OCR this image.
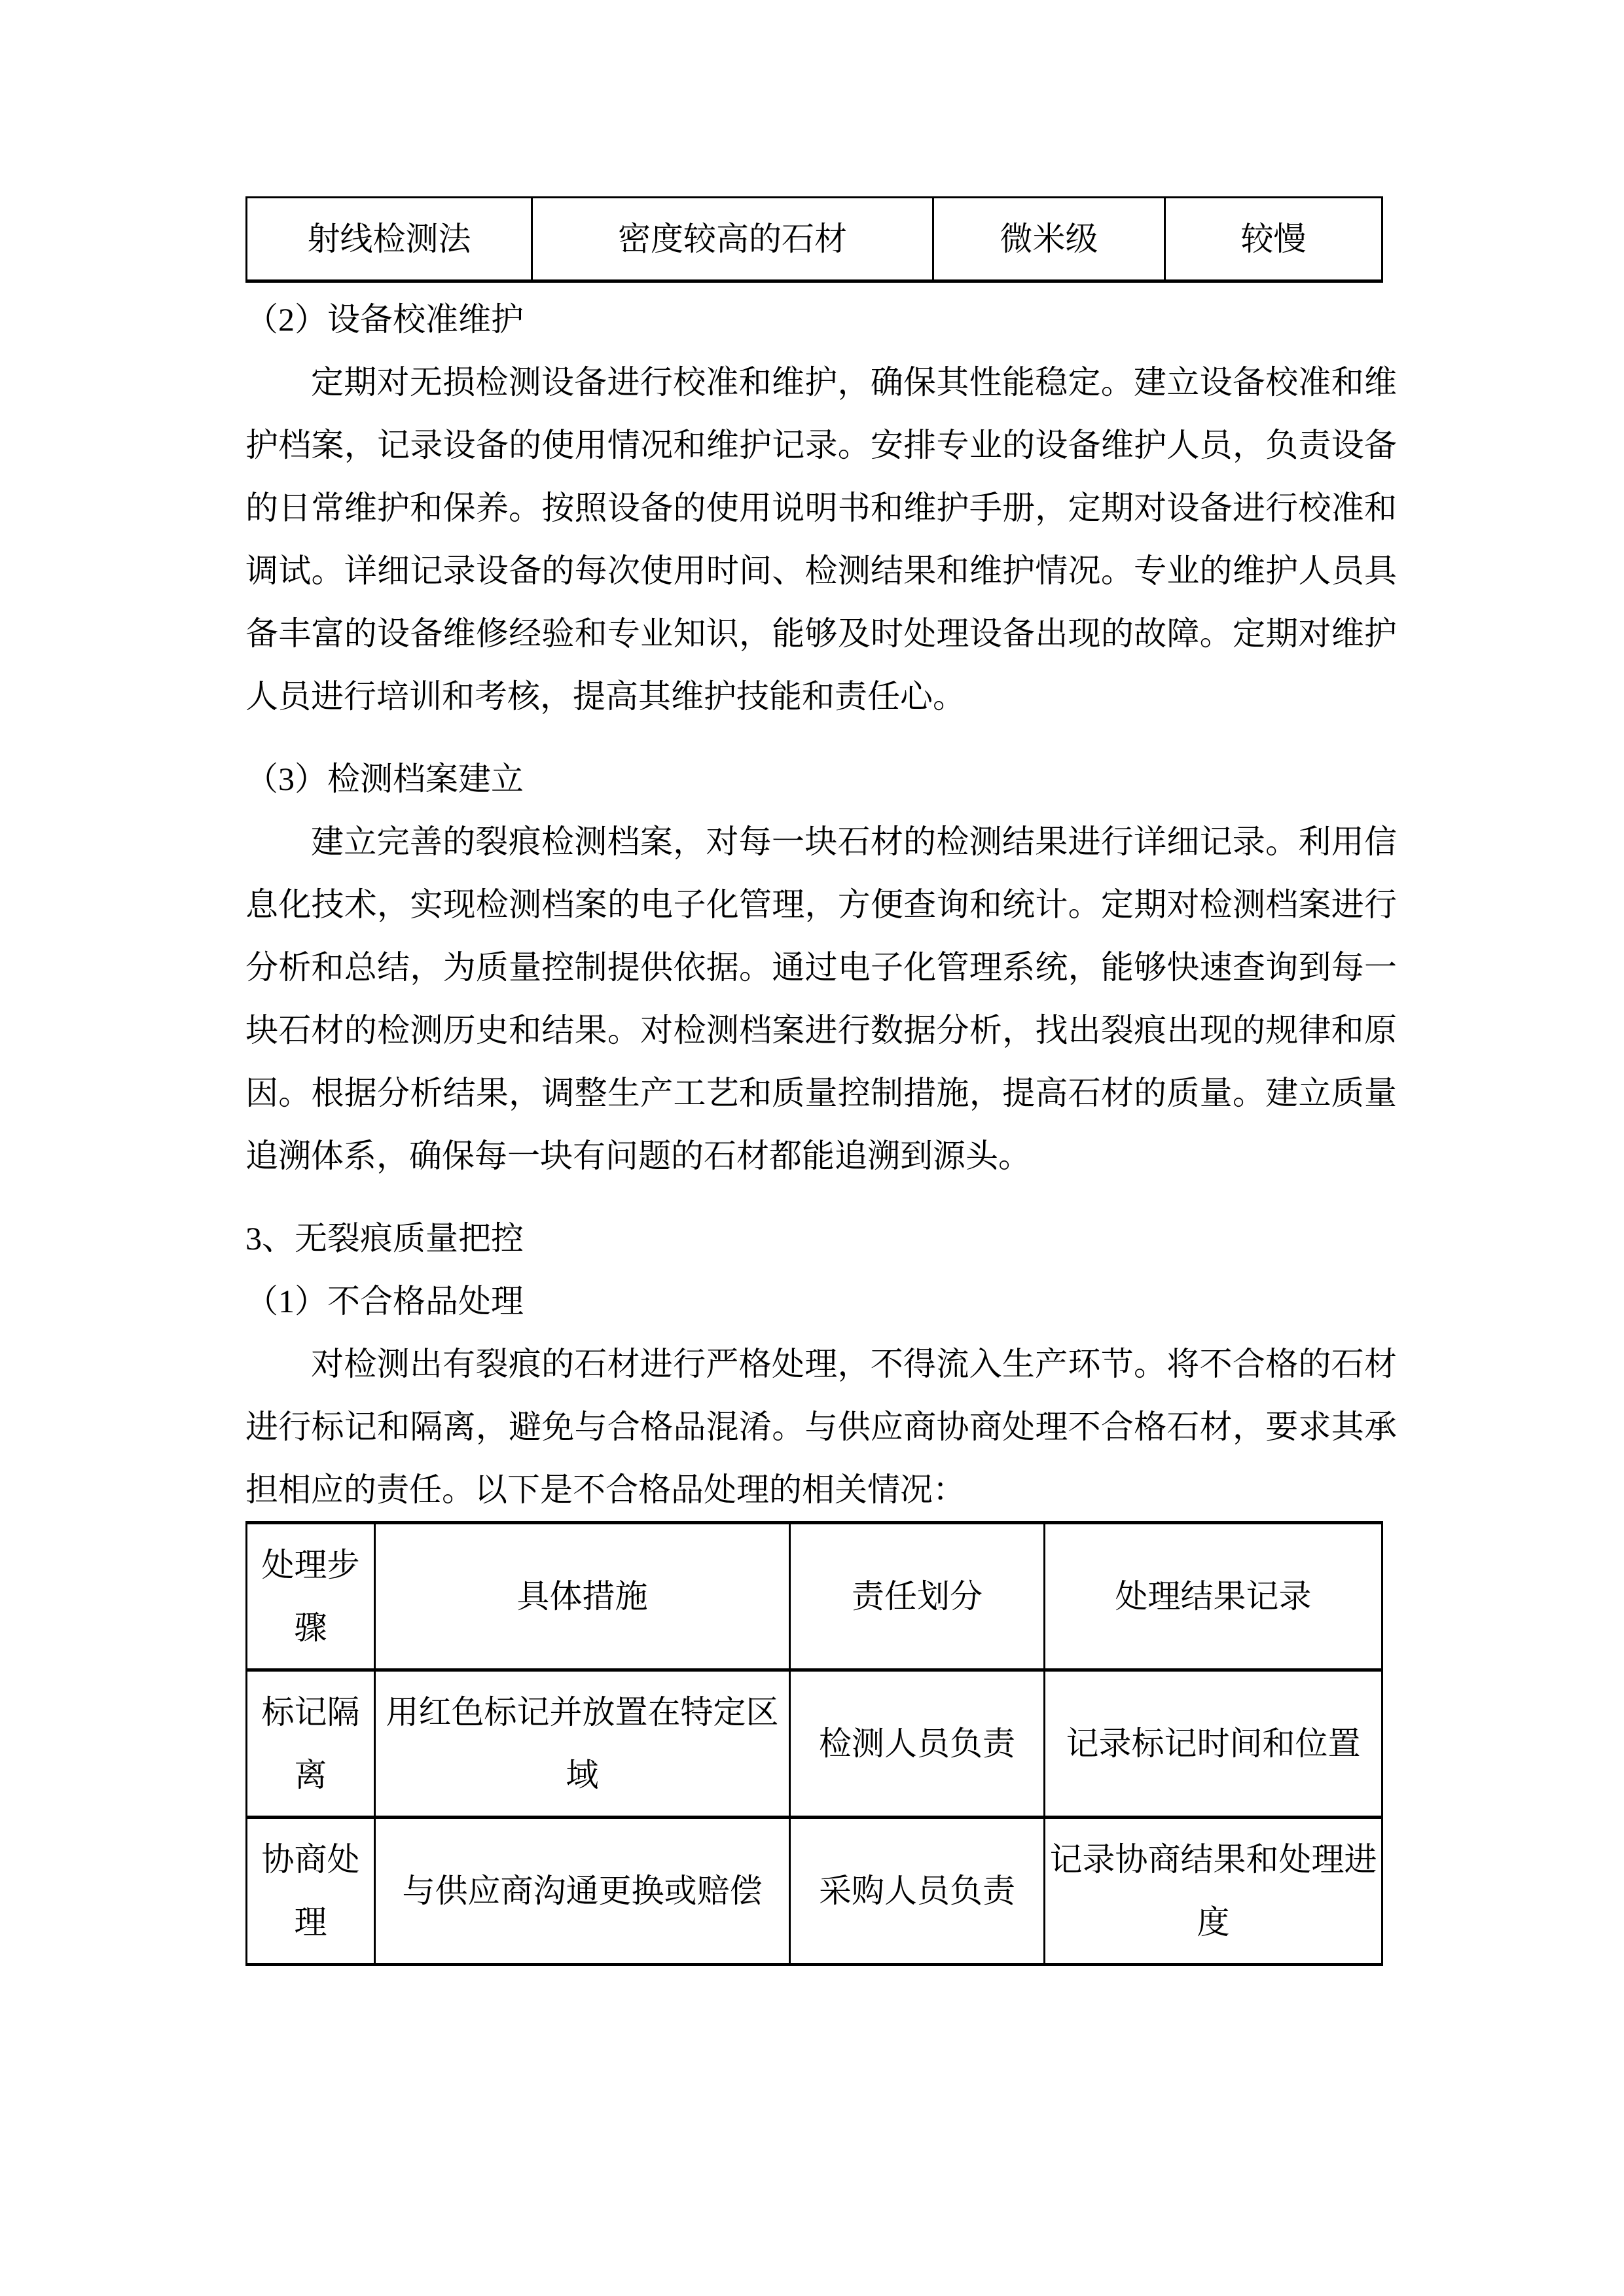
射线检测法	密度较高的石材	微米级	较慢

（2）设备校准维护

定期对无损检测设备进行校准和维护，确保其性能稳定。建立设备校准和维护档案，记录设备的使用情况和维护记录。安排专业的设备维护人员，负责设备的日常维护和保养。按照设备的使用说明书和维护手册，定期对设备进行校准和调试。详细记录设备的每次使用时间、检测结果和维护情况。专业的维护人员具备丰富的设备维修经验和专业知识，能够及时处理设备出现的故障。定期对维护人员进行培训和考核，提高其维护技能和责任心。

（3）检测档案建立

建立完善的裂痕检测档案，对每一块石材的检测结果进行详细记录。利用信息化技术，实现检测档案的电子化管理，方便查询和统计。定期对检测档案进行分析和总结，为质量控制提供依据。通过电子化管理系统，能够快速查询到每一块石材的检测历史和结果。对检测档案进行数据分析，找出裂痕出现的规律和原因。根据分析结果，调整生产工艺和质量控制措施，提高石材的质量。建立质量追溯体系，确保每一块有问题的石材都能追溯到源头。

3、无裂痕质量把控

（1）不合格品处理

对检测出有裂痕的石材进行严格处理，不得流入生产环节。将不合格的石材进行标记和隔离，避免与合格品混淆。与供应商协商处理不合格石材，要求其承担相应的责任。以下是不合格品处理的相关情况：

处理步骤	具体措施	责任划分	处理结果记录
标记隔离	用红色标记并放置在特定区域	检测人员负责	记录标记时间和位置
协商处理	与供应商沟通更换或赔偿	采购人员负责	记录协商结果和处理进度
